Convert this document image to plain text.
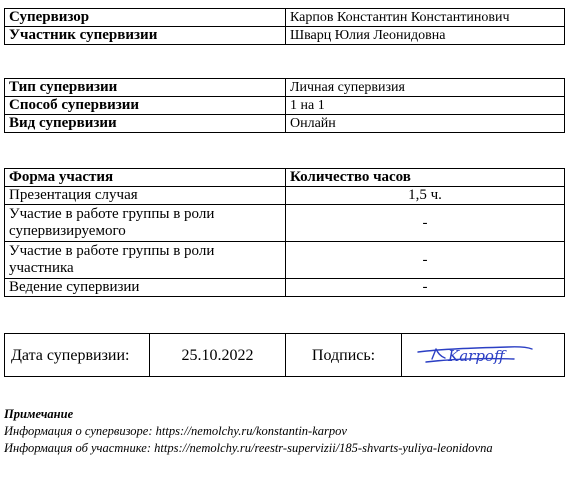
Супервизор	Карпов Константин Константинович
Участник супервизии	Шварц Юлия Леонидовна
Тип супервизии	Личная супервизия
Способ супервизии	1 на 1
Вид супервизии	Онлайн
Форма участия	Количество часов
Презентация случая	1,5 ч.
Участие в работе группы в роли супервизируемого	-
Участие в работе группы в роли участника	-
Ведение супервизии	-
Дата супервизии:	25.10.2022	Подпись:	Karpoff
Примечание
Информация о супервизоре: https://nemolchy.ru/konstantin-karpov
Информация об участнике: https://nemolchy.ru/reestr-supervizii/185-shvarts-yuliya-leonidovna
